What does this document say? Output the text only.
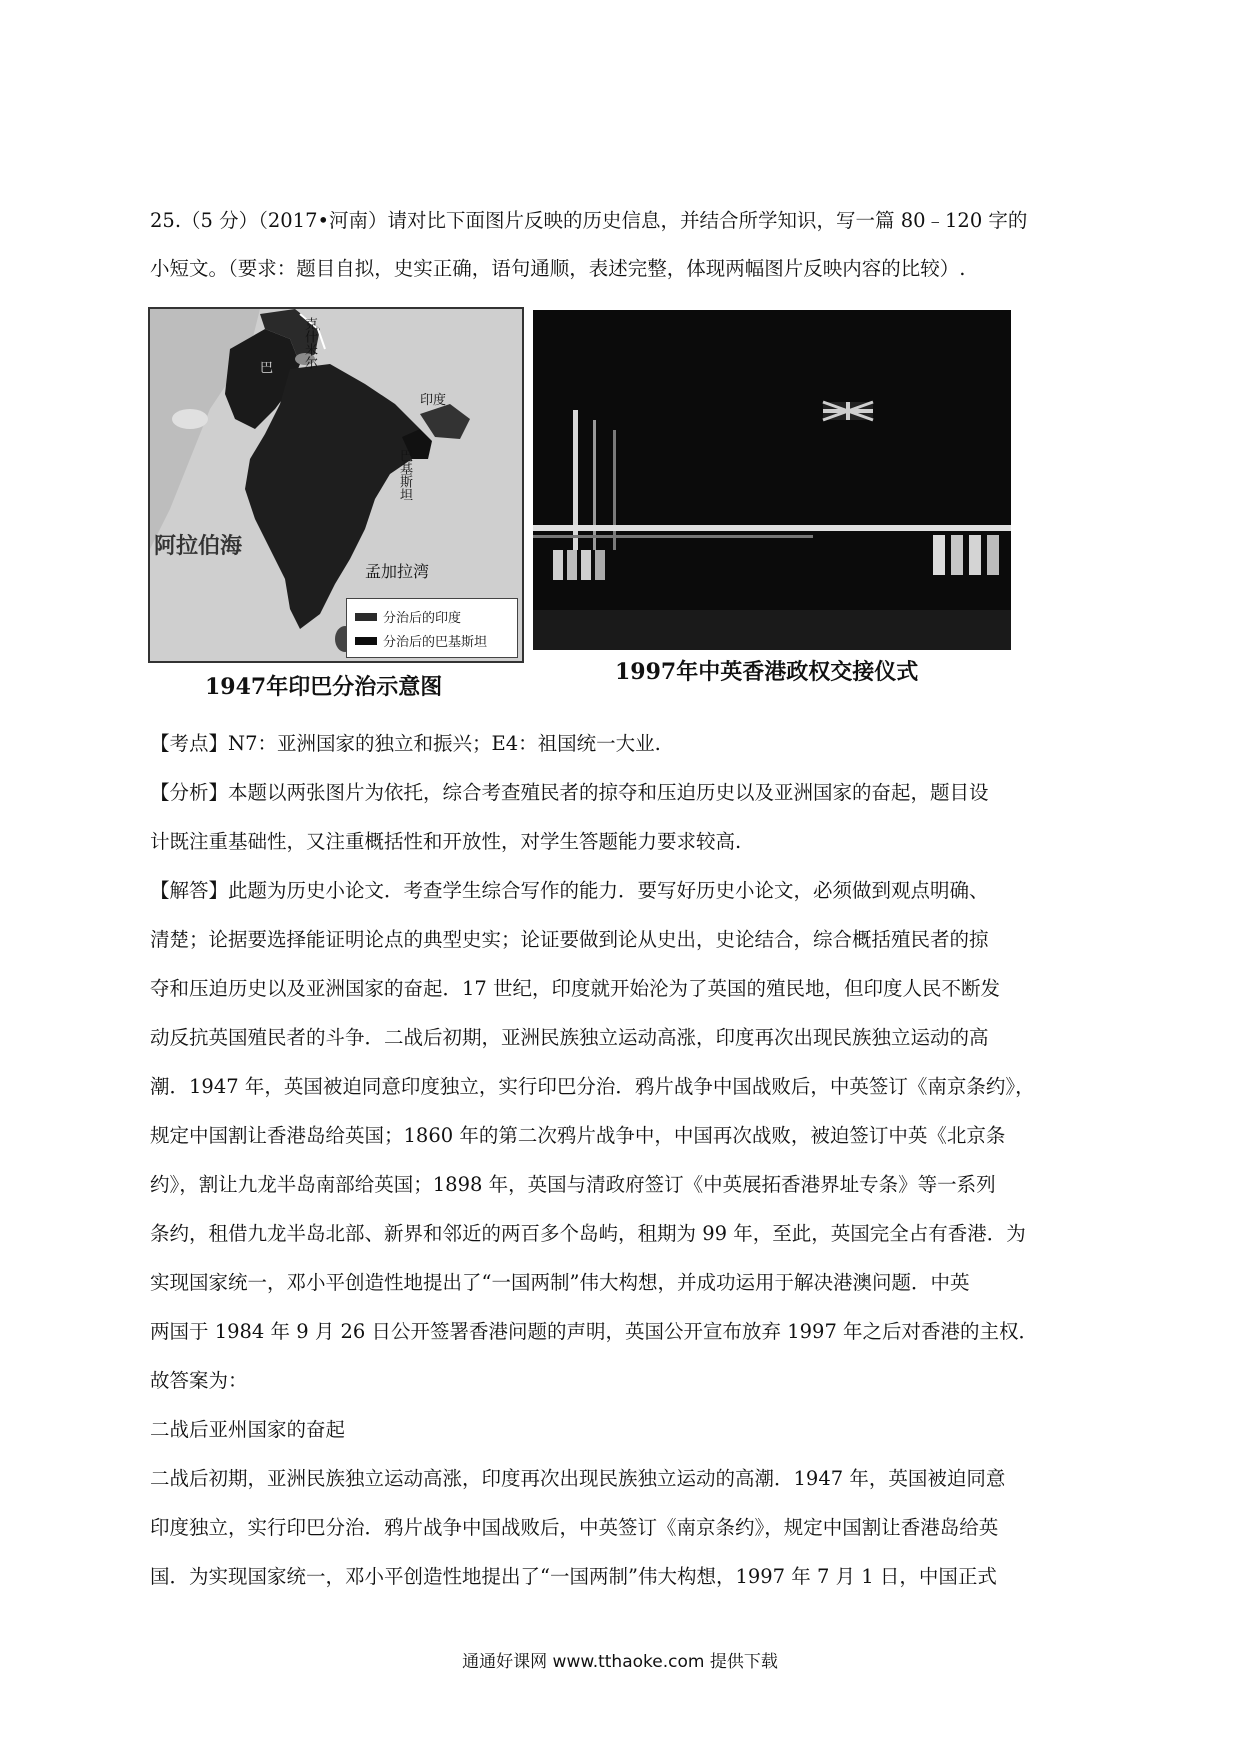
25.（5 分）（2017•河南）请对比下面图片反映的历史信息，并结合所学知识，写一篇 80﹣120 字的
小短文。（要求：题目自拟，史实正确，语句通顺，表述完整，体现两幅图片反映内容的比较）.
克什米尔
巴
印度
巴基斯坦
阿拉伯海
孟加拉湾
分治后的印度
分治后的巴基斯坦
1947年印巴分治示意图
1997年中英香港政权交接仪式
【考点】N7：亚洲国家的独立和振兴；E4：祖国统一大业.
【分析】本题以两张图片为依托，综合考查殖民者的掠夺和压迫历史以及亚洲国家的奋起，题目设
计既注重基础性，又注重概括性和开放性，对学生答题能力要求较高.
【解答】此题为历史小论文．考查学生综合写作的能力．要写好历史小论文，必须做到观点明确、
清楚；论据要选择能证明论点的典型史实；论证要做到论从史出，史论结合，综合概括殖民者的掠
夺和压迫历史以及亚洲国家的奋起．17 世纪，印度就开始沦为了英国的殖民地，但印度人民不断发
动反抗英国殖民者的斗争．二战后初期，亚洲民族独立运动高涨，印度再次出现民族独立运动的高
潮．1947 年，英国被迫同意印度独立，实行印巴分治．鸦片战争中国战败后，中英签订《南京条约》，
规定中国割让香港岛给英国；1860 年的第二次鸦片战争中，中国再次战败，被迫签订中英《北京条
约》，割让九龙半岛南部给英国；1898 年，英国与清政府签订《中英展拓香港界址专条》等一系列
条约，租借九龙半岛北部、新界和邻近的两百多个岛屿，租期为 99 年，至此，英国完全占有香港．为
实现国家统一，邓小平创造性地提出了“一国两制”伟大构想，并成功运用于解决港澳问题．中英
两国于 1984 年 9 月 26 日公开签署香港问题的声明，英国公开宣布放弃 1997 年之后对香港的主权．
故答案为：
二战后亚州国家的奋起
二战后初期，亚洲民族独立运动高涨，印度再次出现民族独立运动的高潮．1947 年，英国被迫同意
印度独立，实行印巴分治．鸦片战争中国战败后，中英签订《南京条约》，规定中国割让香港岛给英
国．为实现国家统一，邓小平创造性地提出了“一国两制”伟大构想，1997 年 7 月 1 日，中国正式
通通好课网 www.tthaoke.com 提供下载
